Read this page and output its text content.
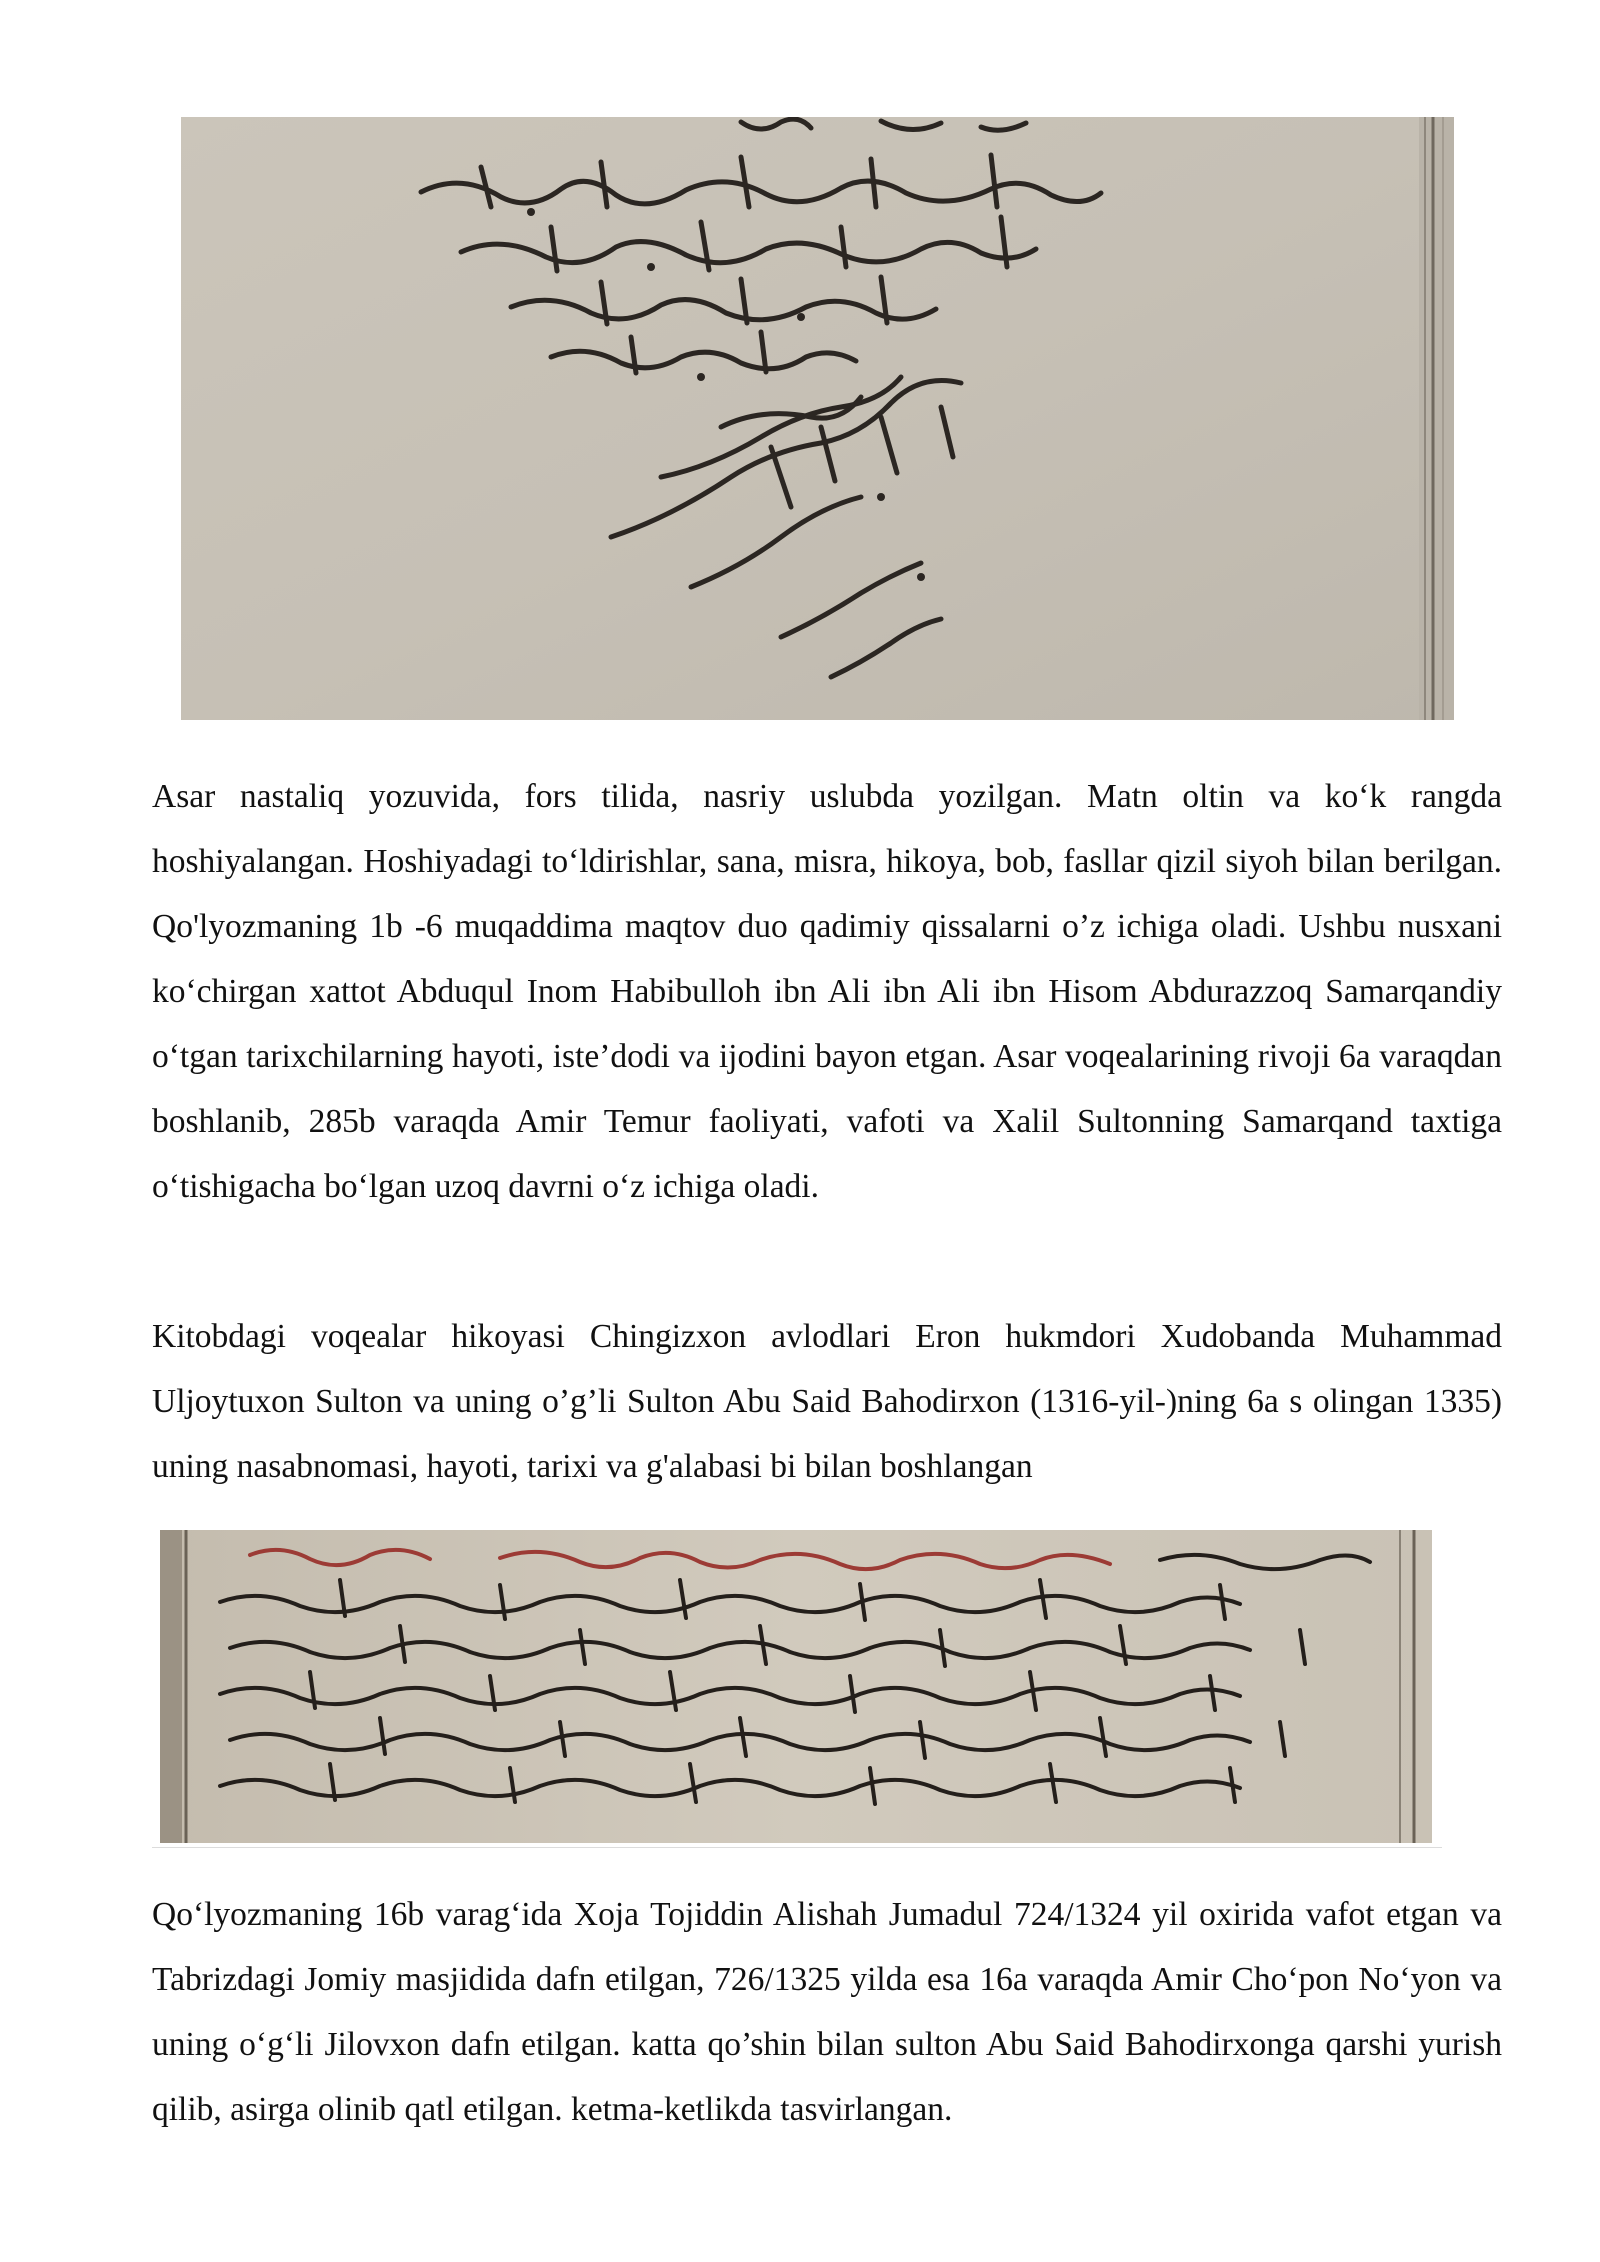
Asar nastaliq yozuvida, fors tilida, nasriy uslubda yozilgan. Matn oltin va ko‘k rangda hoshiyalangan. Hoshiyadagi to‘ldirishlar, sana, misra, hikoya, bob, fasllar qizil siyoh bilan berilgan. Qo'lyozmaning 1b -6 muqaddima maqtov duo qadimiy qissalarni o’z ichiga oladi. Ushbu nusxani ko‘chirgan xattot Abduqul Inom Habibulloh ibn Ali ibn Ali ibn Hisom Abdurazzoq Samarqandiy o‘tgan tarixchilarning hayoti, iste’dodi va ijodini bayon etgan. Asar voqealarining rivoji 6a varaqdan boshlanib, 285b varaqda Amir Temur faoliyati, vafoti va Xalil Sultonning Samarqand taxtiga o‘tishigacha bo‘lgan uzoq davrni o‘z ichiga oladi.

Kitobdagi voqealar hikoyasi Chingizxon avlodlari Eron hukmdori Xudobanda Muhammad Uljoytuxon Sulton va uning o’g’li Sulton Abu Said Bahodirxon (1316-yil-)ning 6a s olingan 1335) uning nasabnomasi, hayoti, tarixi va g'alabasi bi bilan boshlangan

Qo‘lyozmaning 16b varag‘ida Xoja Tojiddin Alishah Jumadul 724/1324 yil oxirida vafot etgan va Tabrizdagi Jomiy masjidida dafn etilgan, 726/1325 yilda esa 16a varaqda Amir Cho‘pon No‘yon va uning o‘g‘li Jilovxon dafn etilgan. katta qo’shin bilan sulton Abu Said Bahodirxonga qarshi yurish qilib, asirga olinib qatl etilgan. ketma-ketlikda tasvirlangan.
